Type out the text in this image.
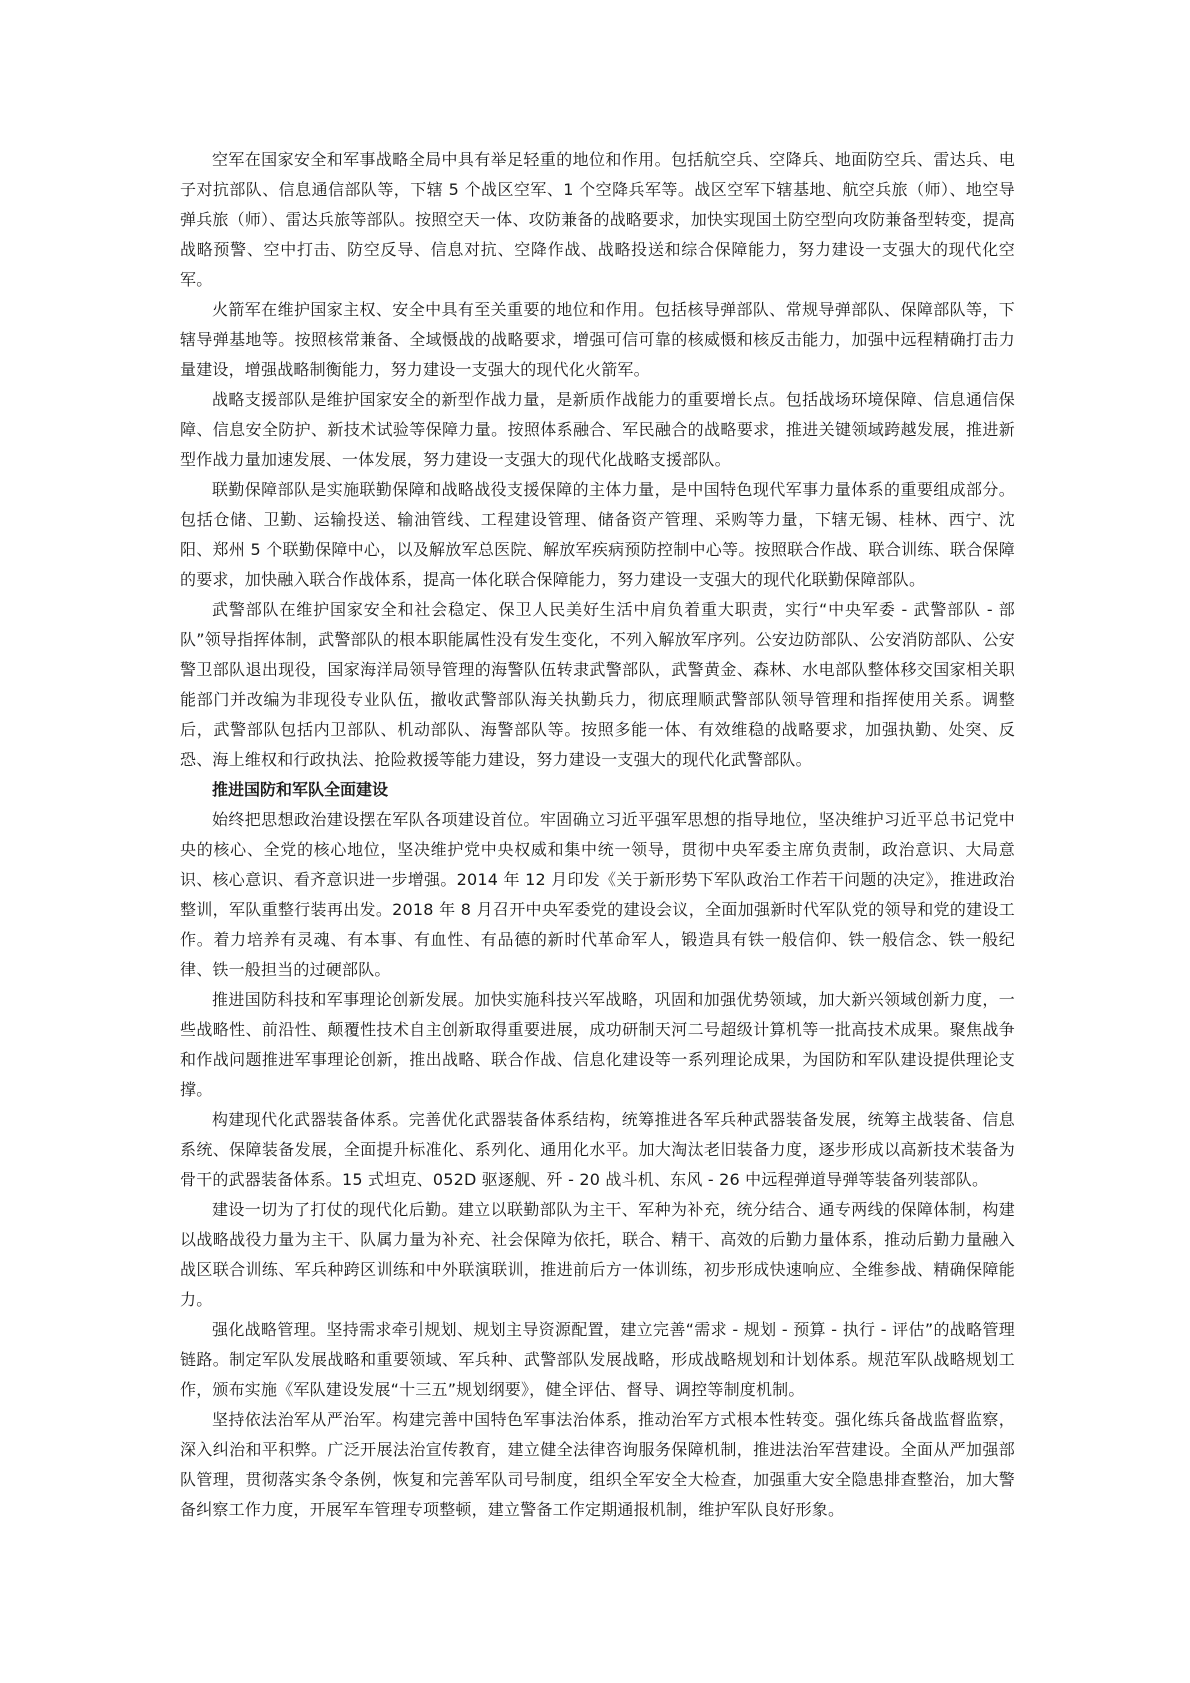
空军在国家安全和军事战略全局中具有举足轻重的地位和作用。包括航空兵、空降兵、地面防空兵、雷达兵、电子对抗部队、信息通信部队等，下辖 5 个战区空军、1 个空降兵军等。战区空军下辖基地、航空兵旅（师）、地空导弹兵旅（师）、雷达兵旅等部队。按照空天一体、攻防兼备的战略要求，加快实现国土防空型向攻防兼备型转变，提高战略预警、空中打击、防空反导、信息对抗、空降作战、战略投送和综合保障能力，努力建设一支强大的现代化空军。

火箭军在维护国家主权、安全中具有至关重要的地位和作用。包括核导弹部队、常规导弹部队、保障部队等，下辖导弹基地等。按照核常兼备、全域慑战的战略要求，增强可信可靠的核威慑和核反击能力，加强中远程精确打击力量建设，增强战略制衡能力，努力建设一支强大的现代化火箭军。

战略支援部队是维护国家安全的新型作战力量，是新质作战能力的重要增长点。包括战场环境保障、信息通信保障、信息安全防护、新技术试验等保障力量。按照体系融合、军民融合的战略要求，推进关键领域跨越发展，推进新型作战力量加速发展、一体发展，努力建设一支强大的现代化战略支援部队。

联勤保障部队是实施联勤保障和战略战役支援保障的主体力量，是中国特色现代军事力量体系的重要组成部分。包括仓储、卫勤、运输投送、输油管线、工程建设管理、储备资产管理、采购等力量，下辖无锡、桂林、西宁、沈阳、郑州 5 个联勤保障中心，以及解放军总医院、解放军疾病预防控制中心等。按照联合作战、联合训练、联合保障的要求，加快融入联合作战体系，提高一体化联合保障能力，努力建设一支强大的现代化联勤保障部队。

武警部队在维护国家安全和社会稳定、保卫人民美好生活中肩负着重大职责，实行“中央军委 - 武警部队 - 部队”领导指挥体制，武警部队的根本职能属性没有发生变化，不列入解放军序列。公安边防部队、公安消防部队、公安警卫部队退出现役，国家海洋局领导管理的海警队伍转隶武警部队，武警黄金、森林、水电部队整体移交国家相关职能部门并改编为非现役专业队伍，撤收武警部队海关执勤兵力，彻底理顺武警部队领导管理和指挥使用关系。调整后，武警部队包括内卫部队、机动部队、海警部队等。按照多能一体、有效维稳的战略要求，加强执勤、处突、反恐、海上维权和行政执法、抢险救援等能力建设，努力建设一支强大的现代化武警部队。

推进国防和军队全面建设

始终把思想政治建设摆在军队各项建设首位。牢固确立习近平强军思想的指导地位，坚决维护习近平总书记党中央的核心、全党的核心地位，坚决维护党中央权威和集中统一领导，贯彻中央军委主席负责制，政治意识、大局意识、核心意识、看齐意识进一步增强。2014 年 12 月印发《关于新形势下军队政治工作若干问题的决定》，推进政治整训，军队重整行装再出发。2018 年 8 月召开中央军委党的建设会议，全面加强新时代军队党的领导和党的建设工作。着力培养有灵魂、有本事、有血性、有品德的新时代革命军人，锻造具有铁一般信仰、铁一般信念、铁一般纪律、铁一般担当的过硬部队。

推进国防科技和军事理论创新发展。加快实施科技兴军战略，巩固和加强优势领域，加大新兴领域创新力度，一些战略性、前沿性、颠覆性技术自主创新取得重要进展，成功研制天河二号超级计算机等一批高技术成果。聚焦战争和作战问题推进军事理论创新，推出战略、联合作战、信息化建设等一系列理论成果，为国防和军队建设提供理论支撑。

构建现代化武器装备体系。完善优化武器装备体系结构，统筹推进各军兵种武器装备发展，统筹主战装备、信息系统、保障装备发展，全面提升标准化、系列化、通用化水平。加大淘汰老旧装备力度，逐步形成以高新技术装备为骨干的武器装备体系。15 式坦克、052D 驱逐舰、歼 - 20 战斗机、东风 - 26 中远程弹道导弹等装备列装部队。

建设一切为了打仗的现代化后勤。建立以联勤部队为主干、军种为补充，统分结合、通专两线的保障体制，构建以战略战役力量为主干、队属力量为补充、社会保障为依托，联合、精干、高效的后勤力量体系，推动后勤力量融入战区联合训练、军兵种跨区训练和中外联演联训，推进前后方一体训练，初步形成快速响应、全维参战、精确保障能力。

强化战略管理。坚持需求牵引规划、规划主导资源配置，建立完善“需求 - 规划 - 预算 - 执行 - 评估”的战略管理链路。制定军队发展战略和重要领域、军兵种、武警部队发展战略，形成战略规划和计划体系。规范军队战略规划工作，颁布实施《军队建设发展“十三五”规划纲要》，健全评估、督导、调控等制度机制。

坚持依法治军从严治军。构建完善中国特色军事法治体系，推动治军方式根本性转变。强化练兵备战监督监察，深入纠治和平积弊。广泛开展法治宣传教育，建立健全法律咨询服务保障机制，推进法治军营建设。全面从严加强部队管理，贯彻落实条令条例，恢复和完善军队司号制度，组织全军安全大检查，加强重大安全隐患排查整治，加大警备纠察工作力度，开展军车管理专项整顿，建立警备工作定期通报机制，维护军队良好形象。
